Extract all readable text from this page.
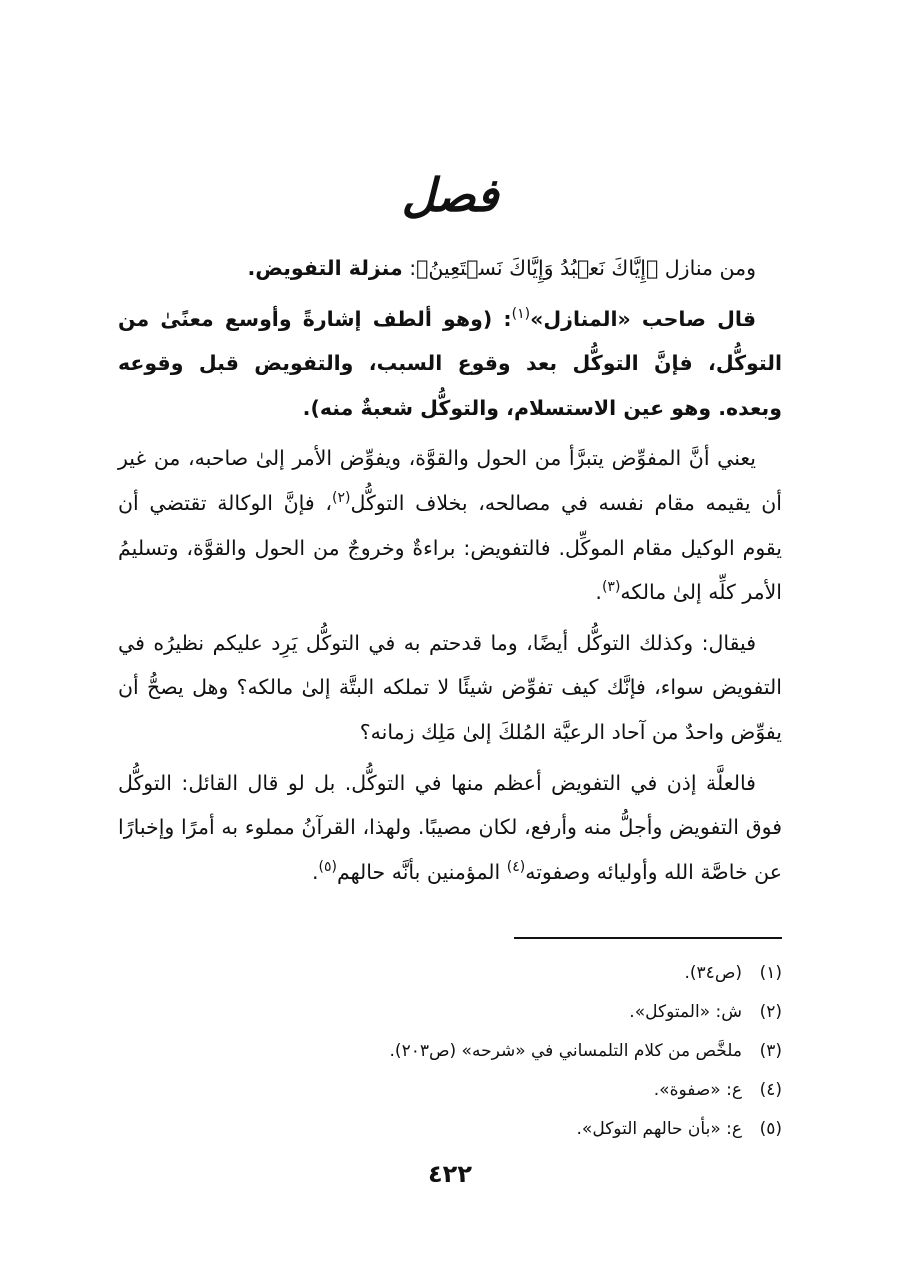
فصل

ومن منازل ﴿إِيَّاكَ نَعۡبُدُ وَإِيَّاكَ نَسۡتَعِينُ﴾: منزلة التفويض.

قال صاحب «المنازل»$^{(١)}$: (وهو ألطف إشارةً وأوسع معنًىٰ من التوكُّل، فإنَّ التوكُّل بعد وقوع السبب، والتفويض قبل وقوعه وبعده. وهو عين الاستسلام، والتوكُّل شعبةٌ منه).

يعني أنَّ المفوِّض يتبرَّأ من الحول والقوَّة، ويفوِّض الأمر إلىٰ صاحبه، من غير أن يقيمه مقام نفسه في مصالحه، بخلاف التوكُّل$^{(٢)}$، فإنَّ الوكالة تقتضي أن يقوم الوكيل مقام الموكِّل. فالتفويض: براءةٌ وخروجٌ من الحول والقوَّة، وتسليمُ الأمر كلِّه إلىٰ مالكه$^{(٣)}$.

فيقال: وكذلك التوكُّل أيضًا، وما قدحتم به في التوكُّل يَرِد عليكم نظيرُه في التفويض سواء، فإنَّك كيف تفوِّض شيئًا لا تملكه البتَّة إلىٰ مالكه؟ وهل يصحُّ أن يفوِّض واحدٌ من آحاد الرعيَّة المُلكَ إلىٰ مَلِك زمانه؟

فالعلَّة إذن في التفويض أعظم منها في التوكُّل. بل لو قال القائل: التوكُّل فوق التفويض وأجلُّ منه وأرفع، لكان مصيبًا. ولهذا، القرآنُ مملوء به أمرًا وإخبارًا عن خاصَّة الله وأوليائه وصفوته$^{(٤)}$ المؤمنين بأنَّه حالهم$^{(٥)}$.

(١)(ص٣٤).
(٢)ش: «المتوكل».
(٣)ملخَّص من كلام التلمساني في «شرحه» (ص٢٠٣).
(٤)ع: «صفوة».
(٥)ع: «بأن حالهم التوكل».
٤٢٢
